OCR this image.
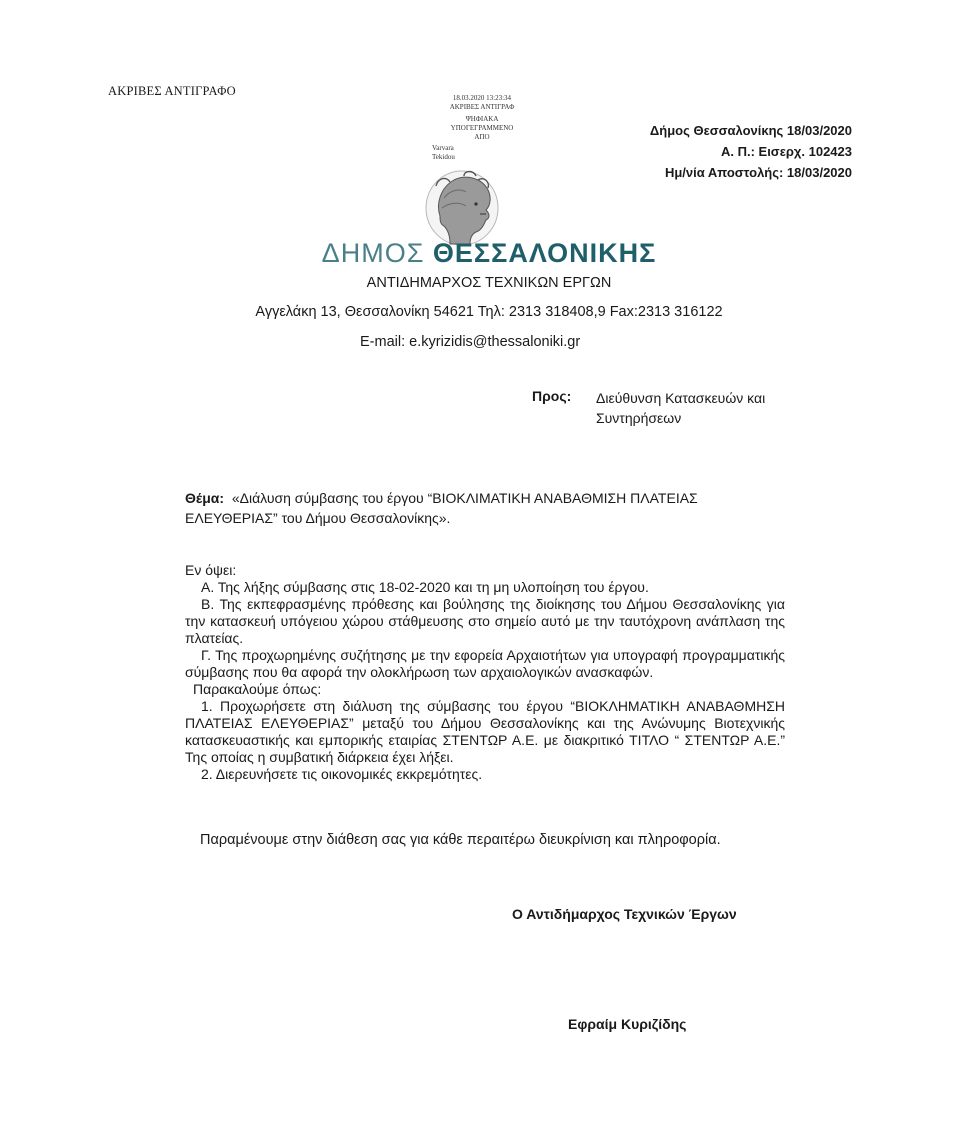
ΑΚΡΙΒΕΣ ΑΝΤΙΓΡΑΦΟ	18.03.2020 13:23:34
ΑΚΡΙΒΕΣ ΑΝΤΙΓΡΑΦ
ΨΗΦΙΑΚΑ
ΥΠΟΓΕΓΡΑΜΜΕΝΟ
ΑΠΟ
Varvara
Tekidou
Δήμος Θεσσαλονίκης 18/03/2020
Α. Π.: Εισερχ. 102423
Ημ/νία Αποστολής: 18/03/2020
ΔΗΜΟΣ ΘΕΣΣΑΛΟΝΙΚΗΣ
ΑΝΤΙΔΗΜΑΡΧΟΣ ΤΕΧΝΙΚΩΝ ΕΡΓΩΝ
Αγγελάκη 13, Θεσσαλονίκη 54621 Τηλ: 2313 318408,9 Fax:2313 316122
E-mail: e.kyrizidis@thessaloniki.gr
Προς: Διεύθυνση Κατασκευών και Συντηρήσεων
Θέμα: «Διάλυση σύμβασης του έργου “ΒΙΟΚΛΙΜΑΤΙΚΗ ΑΝΑΒΑΘΜΙΣΗ ΠΛΑΤΕΙΑΣ ΕΛΕΥΘΕΡΙΑΣ” του Δήμου Θεσσαλονίκης».

Εν όψει:

Α. Της λήξης σύμβασης στις 18-02-2020 και τη μη υλοποίηση του έργου.

Β. Της εκπεφρασμένης πρόθεσης και βούλησης της διοίκησης του Δήμου Θεσσαλονίκης για την κατασκευή υπόγειου χώρου στάθμευσης στο σημείο αυτό με την ταυτόχρονη ανάπλαση της πλατείας.

Γ. Της προχωρημένης συζήτησης με την εφορεία Αρχαιοτήτων για υπογραφή προγραμματικής σύμβασης που θα αφορά την ολοκλήρωση των αρχαιολογικών ανασκαφών.

Παρακαλούμε όπως:

1. Προχωρήσετε στη διάλυση της σύμβασης του έργου “ΒΙΟΚΛΗΜΑΤΙΚΗ ΑΝΑΒΑΘΜΗΣΗ ΠΛΑΤΕΙΑΣ ΕΛΕΥΘΕΡΙΑΣ” μεταξύ του Δήμου Θεσσαλονίκης και της Ανώνυμης Βιοτεχνικής κατασκευαστικής και εμπορικής εταιρίας ΣΤΕΝΤΩΡ Α.Ε. με διακριτικό ΤΙΤΛΟ “ ΣΤΕΝΤΩΡ Α.Ε.” Της οποίας η συμβατική διάρκεια έχει λήξει.

2. Διερευνήσετε τις οικονομικές εκκρεμότητες.

Παραμένουμε στην διάθεση σας για κάθε περαιτέρω διευκρίνιση και πληροφορία.
Ο Αντιδήμαρχος Τεχνικών Έργων
Εφραίμ Κυριζίδης
